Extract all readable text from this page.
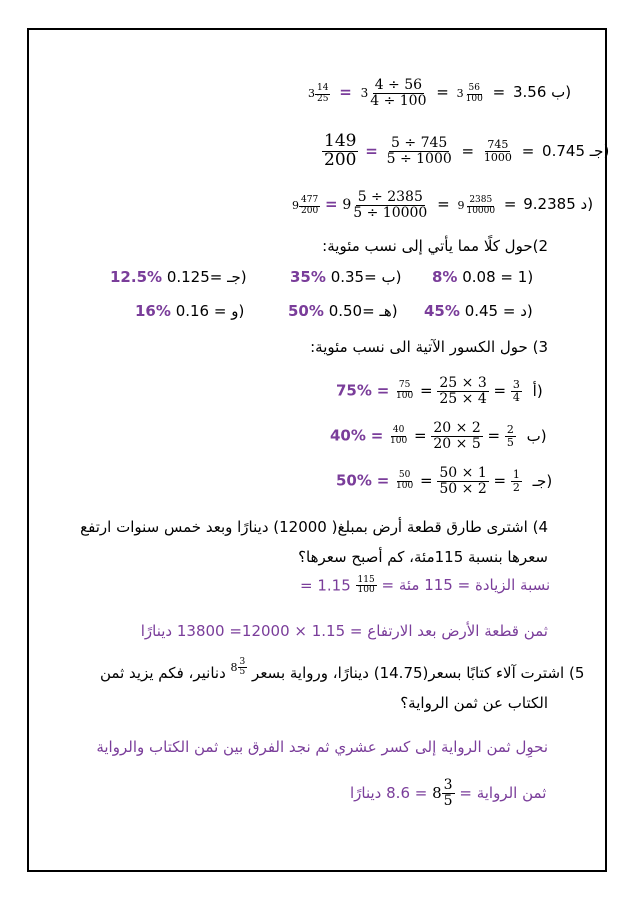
$3 \frac{14}{25} = 3 \frac{4 \div 56}{4 \div 100} = 3 \frac{56}{100} = 3.56$ ب)
$\frac{149}{200} = \frac{5 \div 745}{5 \div 1000} = \frac{745}{1000} = 0.745$ جـ)
$9 \frac{477}{200} = 9 \frac{5 \div 2385}{5 \div 10000} = 9 \frac{2385}{10000} = 9.2385$ د)
2)حول كلًا مما يأتي إلى نسب مئوية:
12.5% 0.125= جـ)	35% 0.35= ب) 8% 0.08 = 1)
16% 0.16 = و)	50% 0.50= هـ) 45% 0.45 = د)
3) حول الكسور الآتية الى نسب مئوية:
$75\% = \frac{75}{100} = \frac{25 \times 3}{25 \times 4} = \frac{3}{4}$ أ)
$40\% = \frac{40}{100} = \frac{20 \times 2}{20 \times 5} = \frac{2}{5}$ ب)
$50\% = \frac{50}{100} = \frac{50 \times 1}{50 \times 2} = \frac{1}{2}$ جـ)
4) اشترى طارق قطعة أرض بمبلغ( 12000) دينارًا وبعد خمس سنوات ارتفع
سعرها بنسبة 115مئة، كم أصبح سعرها؟
= $1.15 \frac{115}{100}$ نسبة الزيادة = 115 مئة =
ثمن قطعة الأرض بعد الارتفاع = 1.15 × 12000= 13800 دينارًا
دنانير، فكم يزيد ثمن $8 \frac{3}{5} 5$) اشترت آلاء كتابًا بسعر(14.75) دينارًا، ورواية بسعر
الكتاب عن ثمن الرواية؟
نحوِل ثمن الرواية إلى كسر عشري ثم نجد الفرق بين ثمن الكتاب والرواية
= 8.6 دينارًا $8 \frac{3}{5}$ ثمن الرواية =
